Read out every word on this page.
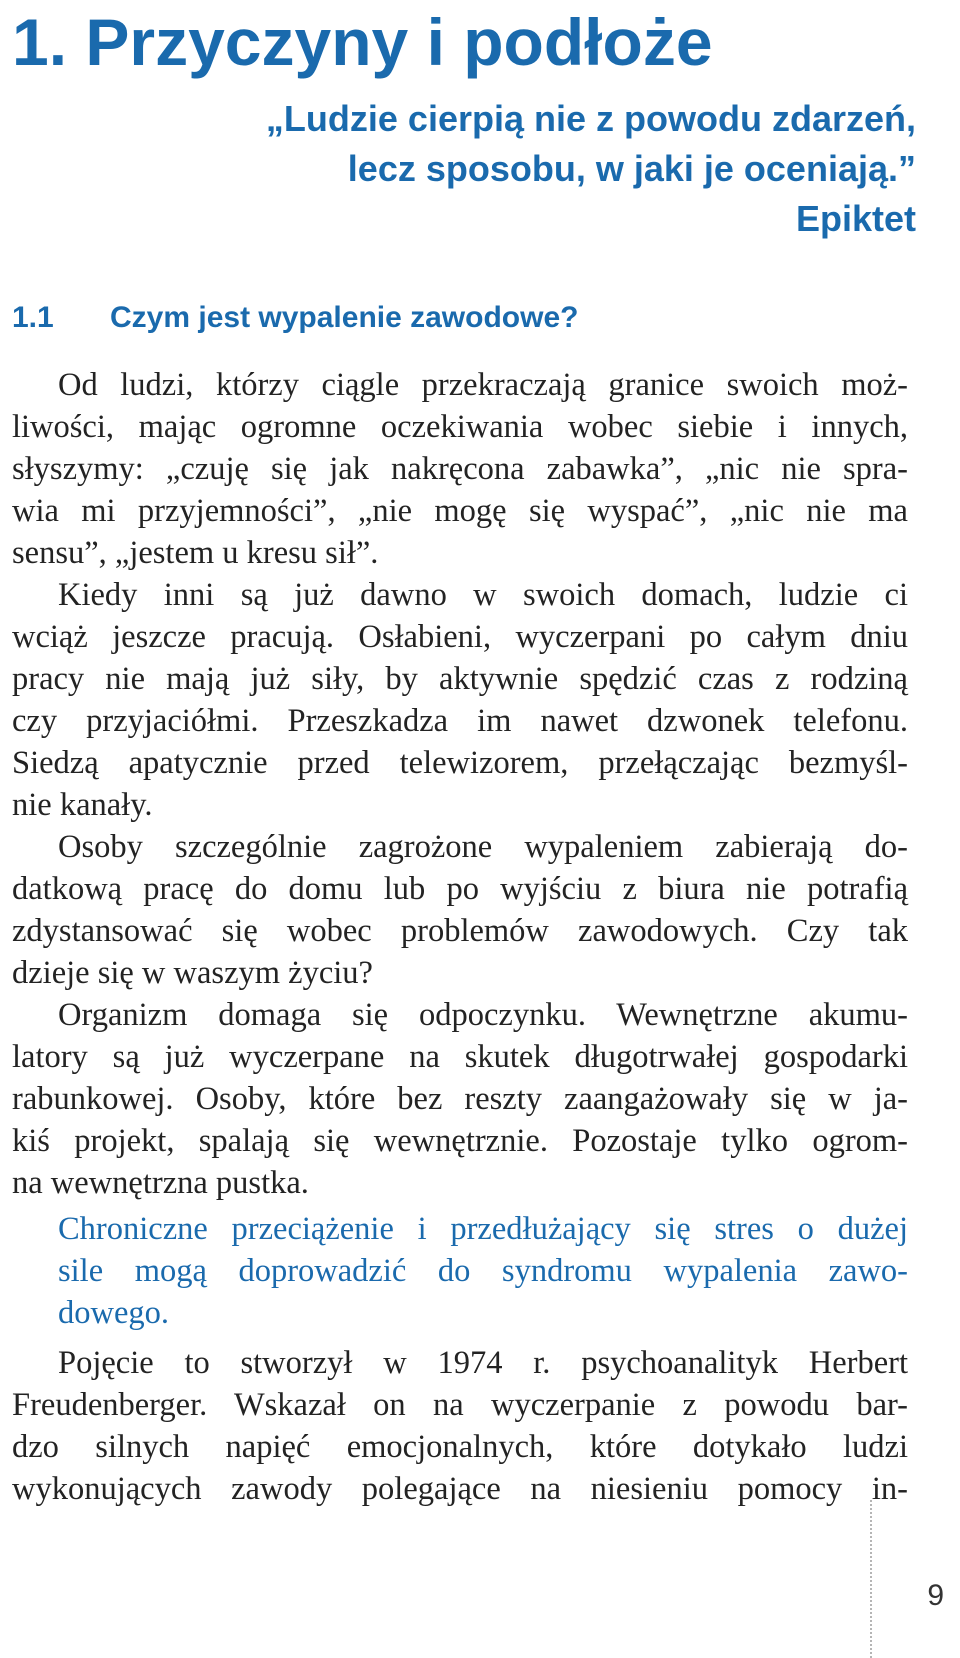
1. Przyczyny i podłoże
„Ludzie cierpią nie z powodu zdarzeń,
lecz sposobu, w jaki je oceniają.”
Epiktet
1.1 Czym jest wypalenie zawodowe?
Od ludzi, którzy ciągle przekraczają granice swoich moż-
liwości, mając ogromne oczekiwania wobec siebie i innych,
słyszymy: „czuję się jak nakręcona zabawka”, „nic nie spra-
wia mi przyjemności”, „nie mogę się wyspać”, „nic nie ma
sensu”, „jestem u kresu sił”.
Kiedy inni są już dawno w swoich domach, ludzie ci
wciąż jeszcze pracują. Osłabieni, wyczerpani po całym dniu
pracy nie mają już siły, by aktywnie spędzić czas z rodziną
czy przyjaciółmi. Przeszkadza im nawet dzwonek telefonu.
Siedzą apatycznie przed telewizorem, przełączając bezmyśl-
nie kanały.
Osoby szczególnie zagrożone wypaleniem zabierają do-
datkową pracę do domu lub po wyjściu z biura nie potrafią
zdystansować się wobec problemów zawodowych. Czy tak
dzieje się w waszym życiu?
Organizm domaga się odpoczynku. Wewnętrzne akumu-
latory są już wyczerpane na skutek długotrwałej gospodarki
rabunkowej. Osoby, które bez reszty zaangażowały się w ja-
kiś projekt, spalają się wewnętrznie. Pozostaje tylko ogrom-
na wewnętrzna pustka.
Chroniczne przeciążenie i przedłużający się stres o dużej
sile mogą doprowadzić do syndromu wypalenia zawo-
dowego.
Pojęcie to stworzył w 1974 r. psychoanalityk Herbert
Freudenberger. Wskazał on na wyczerpanie z powodu bar-
dzo silnych napięć emocjonalnych, które dotykało ludzi
wykonujących zawody polegające na niesieniu pomocy in-
9
